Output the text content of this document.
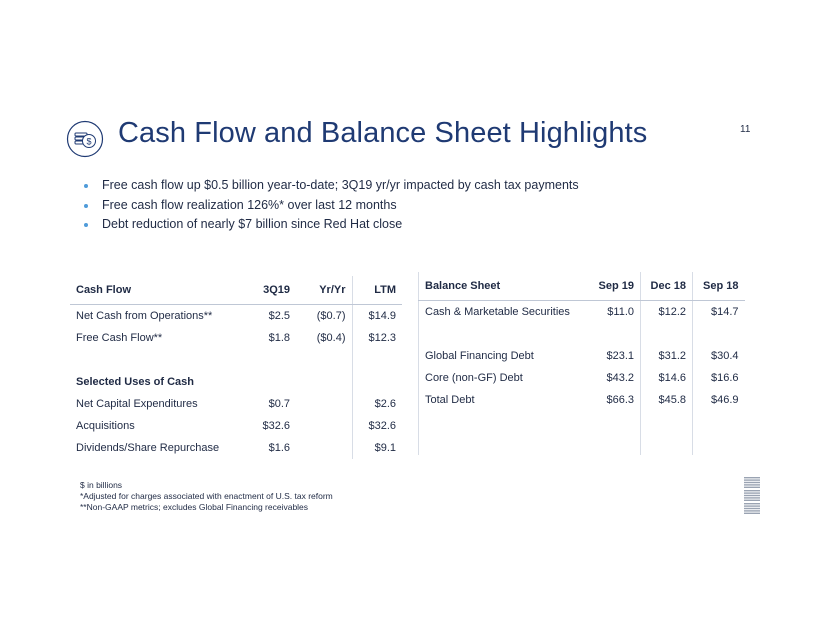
11
$ Cash Flow and Balance Sheet Highlights
Free cash flow up $0.5 billion year-to-date; 3Q19 yr/yr impacted by cash tax payments
Free cash flow realization 126%* over last 12 months
Debt reduction of nearly $7 billion since Red Hat close
Cash Flow	3Q19	Yr/Yr	LTM
Net Cash from Operations**	$2.5	($0.7)	$14.9
Free Cash Flow**	$1.8	($0.4)	$12.3

Selected Uses of Cash			
Net Capital Expenditures	$0.7		$2.6
Acquisitions	$32.6		$32.6
Dividends/Share Repurchase	$1.6		$9.1
Balance Sheet	Sep 19	Dec 18	Sep 18
Cash & Marketable Securities	$11.0	$12.2	$14.7

Global Financing Debt	$23.1	$31.2	$30.4
Core (non-GF) Debt	$43.2	$14.6	$16.6
Total Debt	$66.3	$45.8	$46.9

$ in billions
*Adjusted for charges associated with enactment of U.S. tax reform
**Non-GAAP metrics; excludes Global Financing receivables
